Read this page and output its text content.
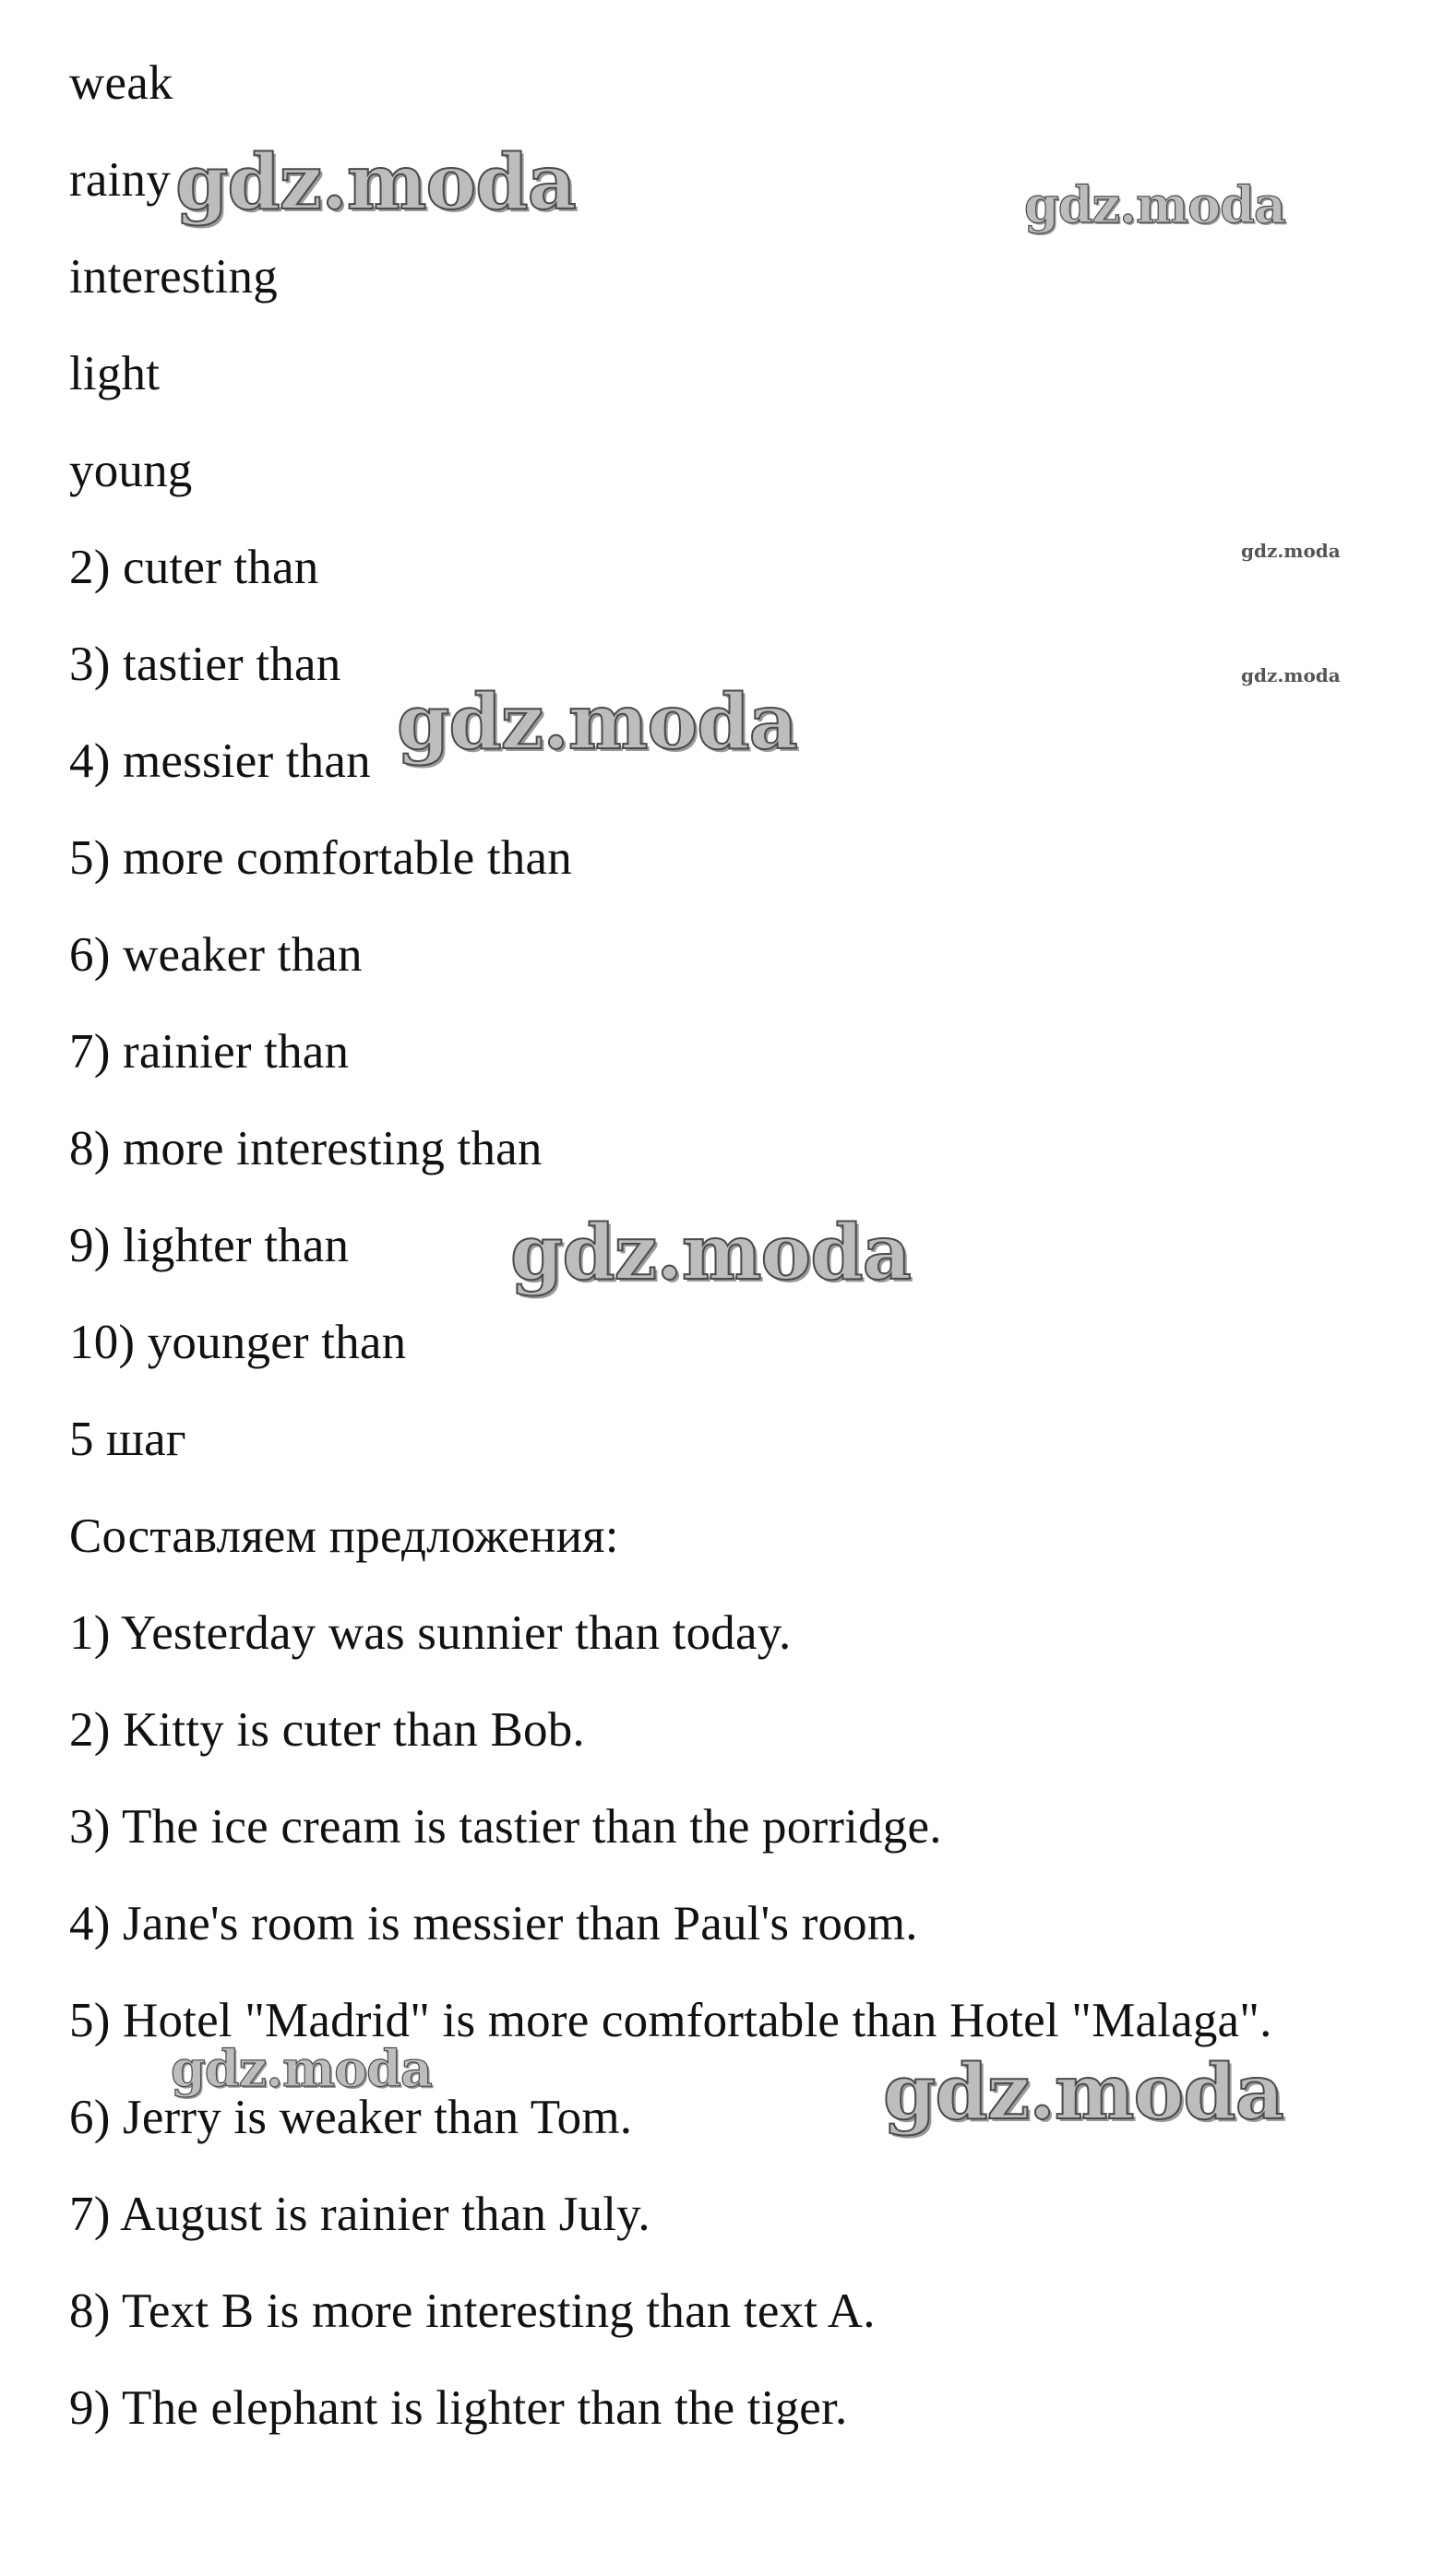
weak
rainy
interesting
light
young
2) cuter than
3) tastier than
4) messier than
5) more comfortable than
6) weaker than
7) rainier than
8) more interesting than
9) lighter than
10) younger than
5 шаг
Составляем предложения:
1) Yesterday was sunnier than today.
2) Kitty is cuter than Bob.
3) The ice cream is tastier than the porridge.
4) Jane's room is messier than Paul's room.
5) Hotel "Madrid" is more comfortable than Hotel "Malaga".
6) Jerry is weaker than Tom.
7) August is rainier than July.
8) Text B is more interesting than text A.
9) The elephant is lighter than the tiger.
gdz.moda	gdz.moda
gdz.moda
gdz.moda
gdz.moda
gdz.moda
gdz.moda	gdz.moda
